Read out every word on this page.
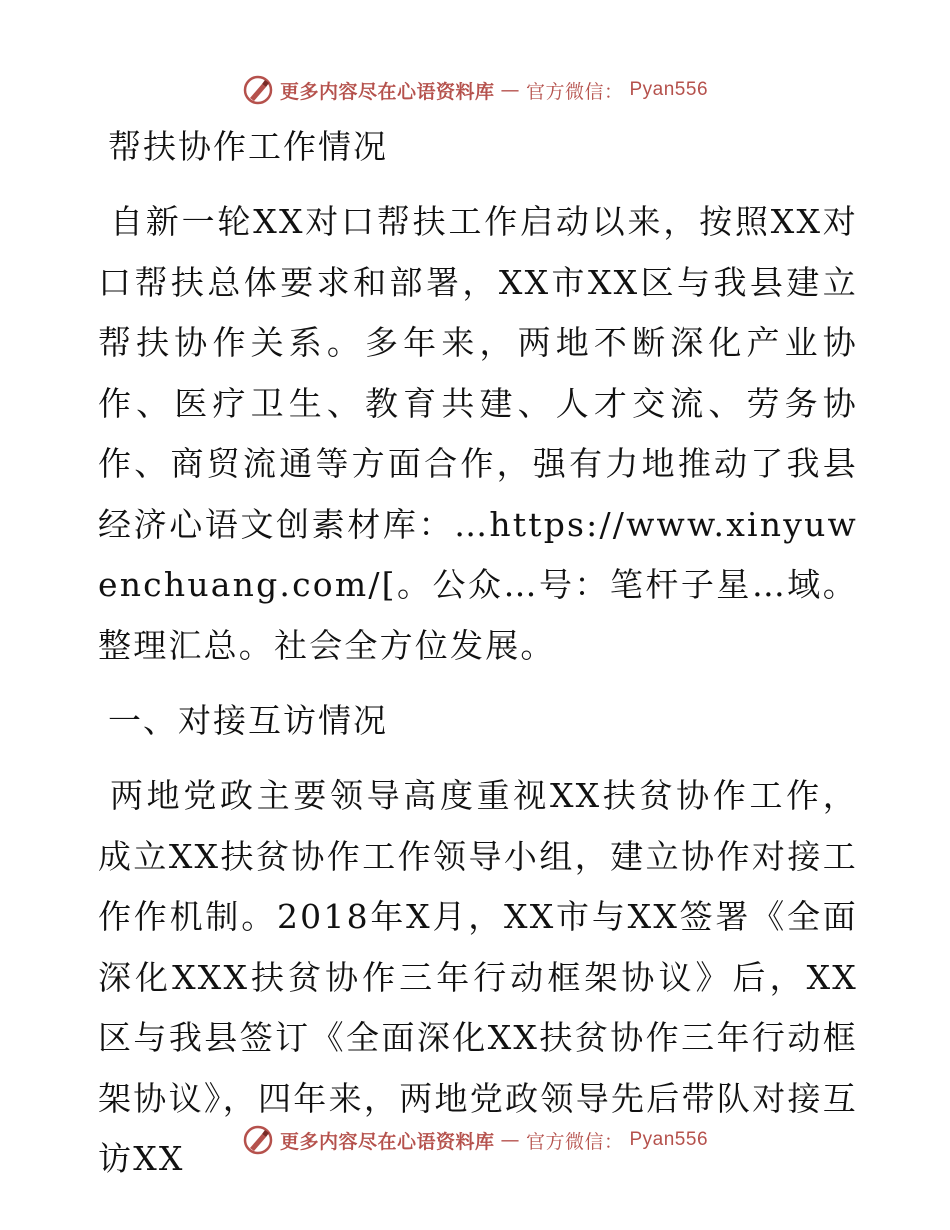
更多内容尽在心语资料库 — 官方微信： Pyan556
帮扶协作工作情况

自新一轮XX对口帮扶工作启动以来，按照XX对口帮扶总体要求和部署，XX市XX区与我县建立帮扶协作关系。多年来，两地不断深化产业协作、医疗卫生、教育共建、人才交流、劳务协作、商贸流通等方面合作，强有力地推动了我县经济心语文创素材库：…https://www.xinyuwenchuang.com/[。公众…号：笔杆子星…域。整理汇总。社会全方位发展。

一、对接互访情况

两地党政主要领导高度重视XX扶贫协作工作，成立XX扶贫协作工作领导小组，建立协作对接工作作机制。2018年X月，XX市与XX签署《全面深化XXX扶贫协作三年行动框架协议》后，XX区与我县签订《全面深化XX扶贫协作三年行动框架协议》，四年来，两地党政领导先后带队对接互访XX	更多内容尽在心语资料库 — 官方微信： Pyan556
